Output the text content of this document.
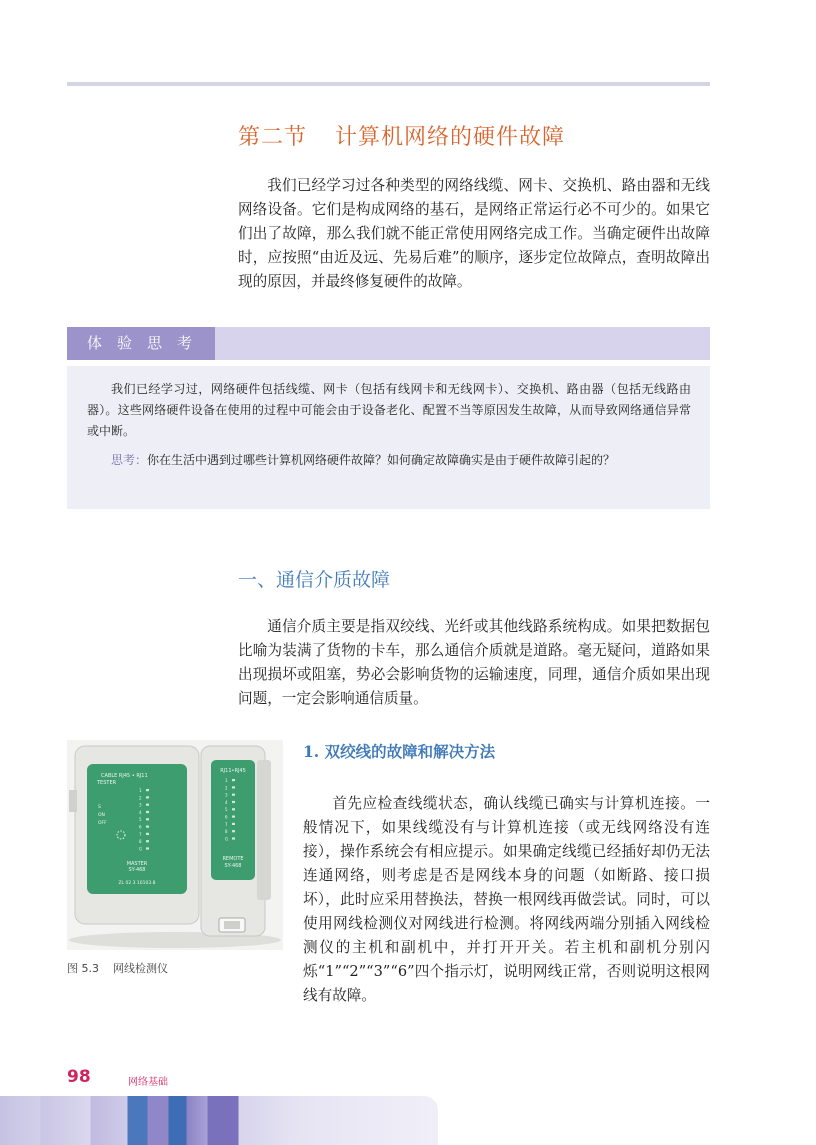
第二节 计算机网络的硬件故障

我们已经学习过各种类型的网络线缆、网卡、交换机、路由器和无线网络设备。它们是构成网络的基石，是网络正常运行必不可少的。如果它们出了故障，那么我们就不能正常使用网络完成工作。当确定硬件出故障时，应按照“由近及远、先易后难”的顺序，逐步定位故障点，查明故障出现的原因，并最终修复硬件的故障。

体验思考

我们已经学习过，网络硬件包括线缆、网卡（包括有线网卡和无线网卡）、交换机、路由器（包括无线路由器）。这些网络硬件设备在使用的过程中可能会由于设备老化、配置不当等原因发生故障，从而导致网络通信异常或中断。

思考：你在生活中遇到过哪些计算机网络硬件故障？如何确定故障确实是由于硬件故障引起的？

一、通信介质故障

通信介质主要是指双绞线、光纤或其他线路系统构成。如果把数据包比喻为装满了货物的卡车，那么通信介质就是道路。毫无疑问，道路如果出现损坏或阻塞，势必会影响货物的运输速度，同理，通信介质如果出现问题，一定会影响通信质量。

CABLE RJ45 • RJ11
TESTER
S
ON
OFF
1
2
3
4
5
6
7
8
G
MASTER
SY-468
ZL 02 3 10103.8
RJ11•RJ45
1
2
3
4
5
6
7
8
G
REMOTE
SY-468
图 5.3 网线检测仪
1. 双绞线的故障和解决方法

首先应检查线缆状态，确认线缆已确实与计算机连接。一般情况下，如果线缆没有与计算机连接（或无线网络没有连接），操作系统会有相应提示。如果确定线缆已经插好却仍无法连通网络，则考虑是否是网线本身的问题（如断路、接口损坏），此时应采用替换法，替换一根网线再做尝试。同时，可以使用网线检测仪对网线进行检测。将网线两端分别插入网线检测仪的主机和副机中，并打开开关。若主机和副机分别闪烁“1”“2”“3”“6”四个指示灯，说明网线正常，否则说明这根网线有故障。

98	网络基础
